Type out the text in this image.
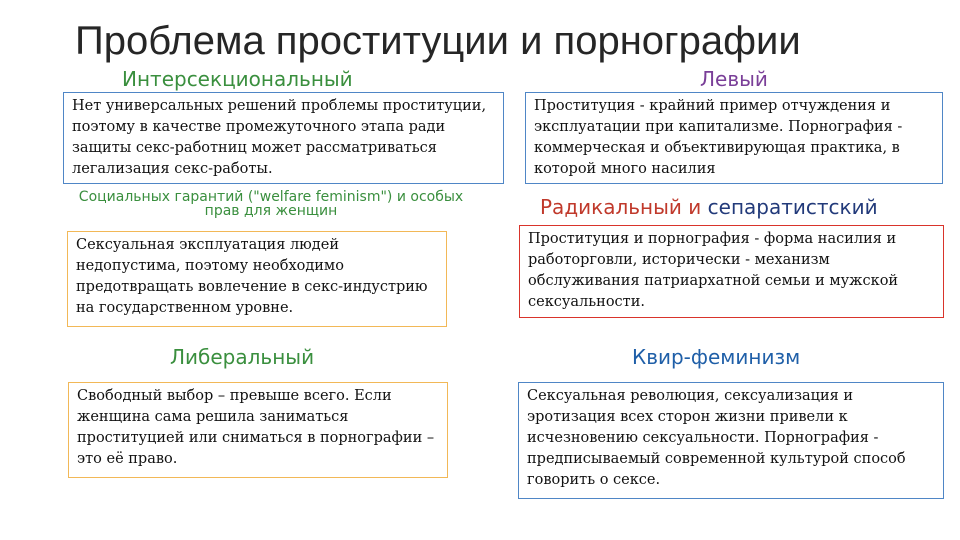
Проблема проституции и порнографии
Интерсекциональный
Нет универсальных решений проблемы проституции, поэтому в качестве промежуточного этапа ради защиты секс-работниц может рассматриваться легализация секс-работы.
Социальных гарантий ("welfare feminism") и особых прав для женщин
Сексуальная эксплуатация людей недопустима, поэтому необходимо предотвращать вовлечение в секс-индустрию на государственном уровне.
Либеральный
Свободный выбор – превыше всего. Если женщина сама решила заниматься проституцией или сниматься в порнографии – это её право.
Левый
Проституция - крайний пример отчуждения и эксплуатации при капитализме. Порнография - коммерческая и объективирующая практика, в которой много насилия
Радикальный и сепаратистский
Проституция и порнография - форма насилия и работорговли, исторически - механизм обслуживания патриархатной семьи и мужской сексуальности.
Квир-феминизм
Сексуальная революция, сексуализация и эротизация всех сторон жизни привели к исчезновению сексуальности. Порнография - предписываемый современной культурой способ говорить о сексе.
